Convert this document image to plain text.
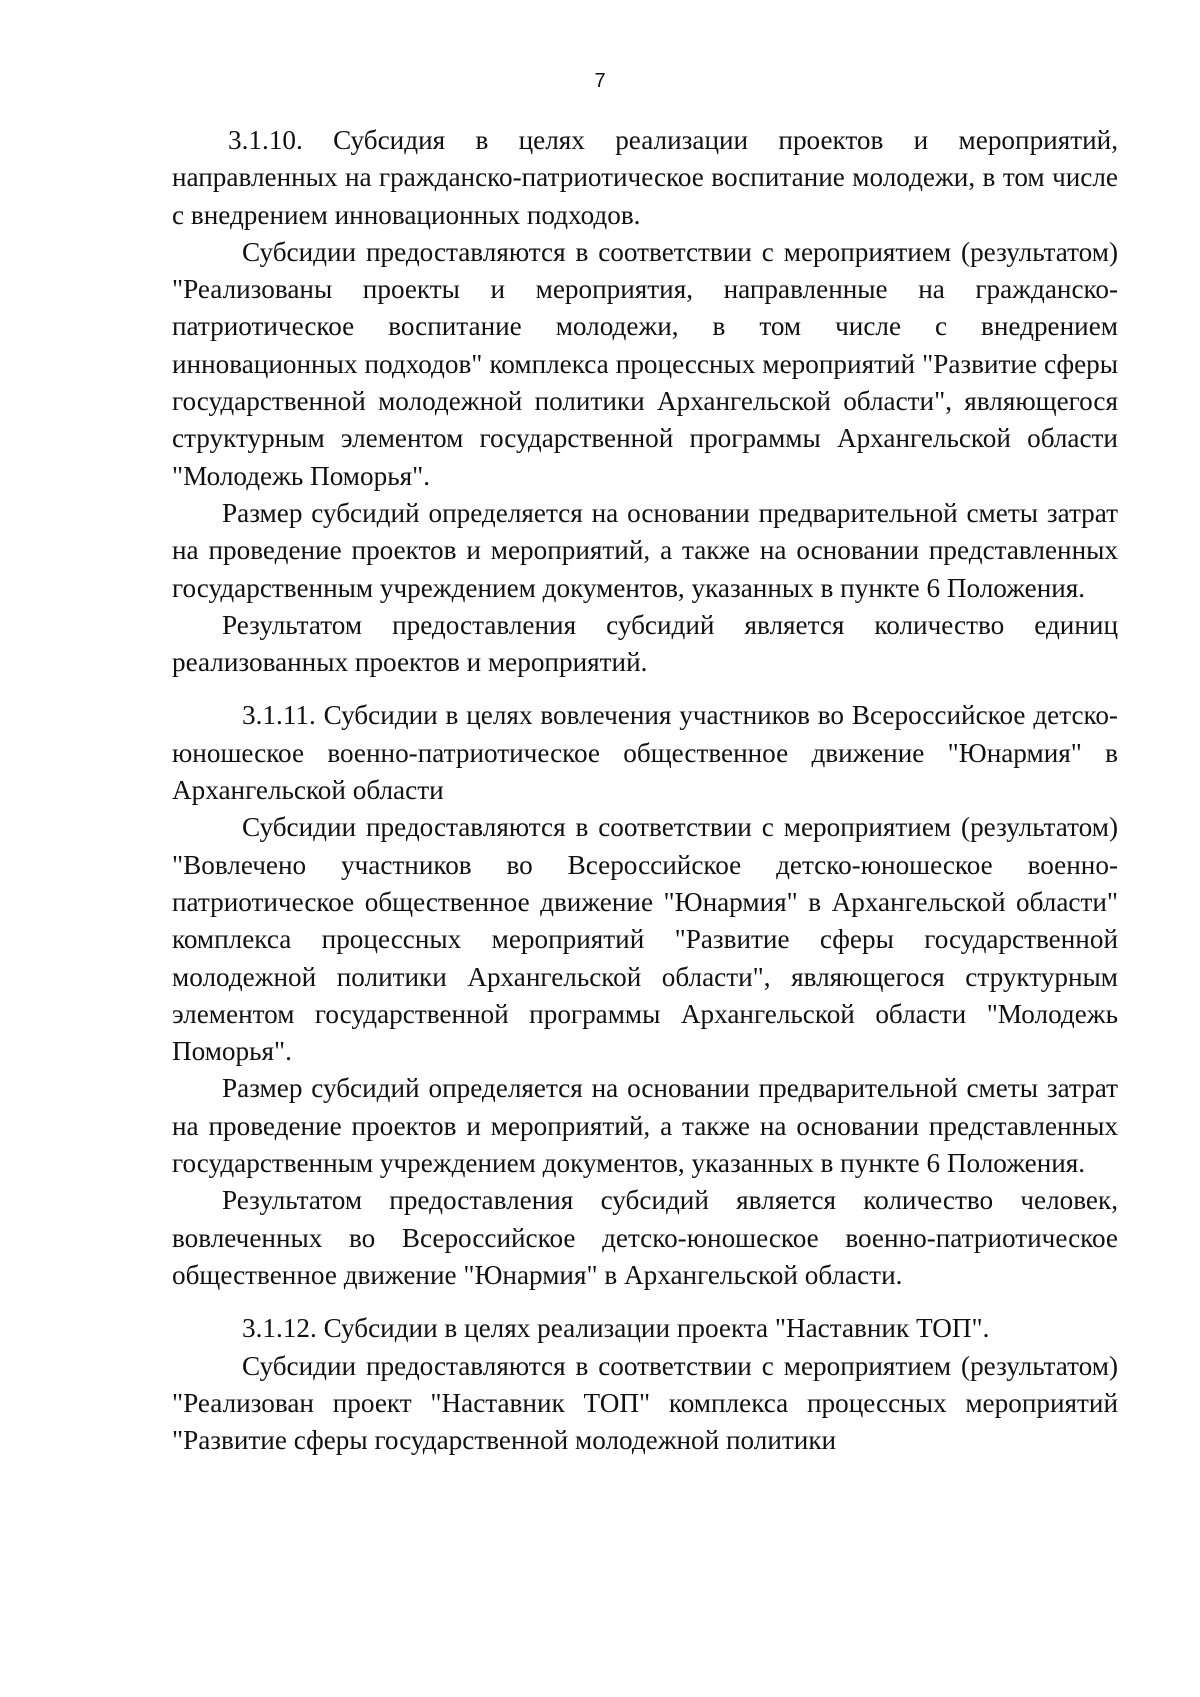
7

3.1.10. Субсидия в целях реализации проектов и мероприятий, направленных на гражданско-патриотическое воспитание молодежи, в том числе с внедрением инновационных подходов.

Субсидии предоставляются в соответствии с мероприятием (результатом) "Реализованы проекты и мероприятия, направленные на гражданско-патриотическое воспитание молодежи, в том числе с внедрением инновационных подходов" комплекса процессных мероприятий "Развитие сферы государственной молодежной политики Архангельской области", являющегося структурным элементом государственной программы Архангельской области "Молодежь Поморья".

Размер субсидий определяется на основании предварительной сметы затрат на проведение проектов и мероприятий, а также на основании представленных государственным учреждением документов, указанных в пункте 6 Положения.

Результатом предоставления субсидий является количество единиц реализованных проектов и мероприятий.

3.1.11. Субсидии в целях вовлечения участников во Всероссийское детско-юношеское военно-патриотическое общественное движение "Юнармия" в Архангельской области

Субсидии предоставляются в соответствии с мероприятием (результатом) "Вовлечено участников во Всероссийское детско-юношеское военно-патриотическое общественное движение "Юнармия" в Архангельской области" комплекса процессных мероприятий "Развитие сферы государственной молодежной политики Архангельской области", являющегося структурным элементом государственной программы Архангельской области "Молодежь Поморья".

Размер субсидий определяется на основании предварительной сметы затрат на проведение проектов и мероприятий, а также на основании представленных государственным учреждением документов, указанных в пункте 6 Положения.

Результатом предоставления субсидий является количество человек, вовлеченных во Всероссийское детско-юношеское военно-патриотическое общественное движение "Юнармия" в Архангельской области.

3.1.12. Субсидии в целях реализации проекта "Наставник ТОП".

Субсидии предоставляются в соответствии с мероприятием (результатом) "Реализован проект "Наставник ТОП" комплекса процессных мероприятий "Развитие сферы государственной молодежной политики
